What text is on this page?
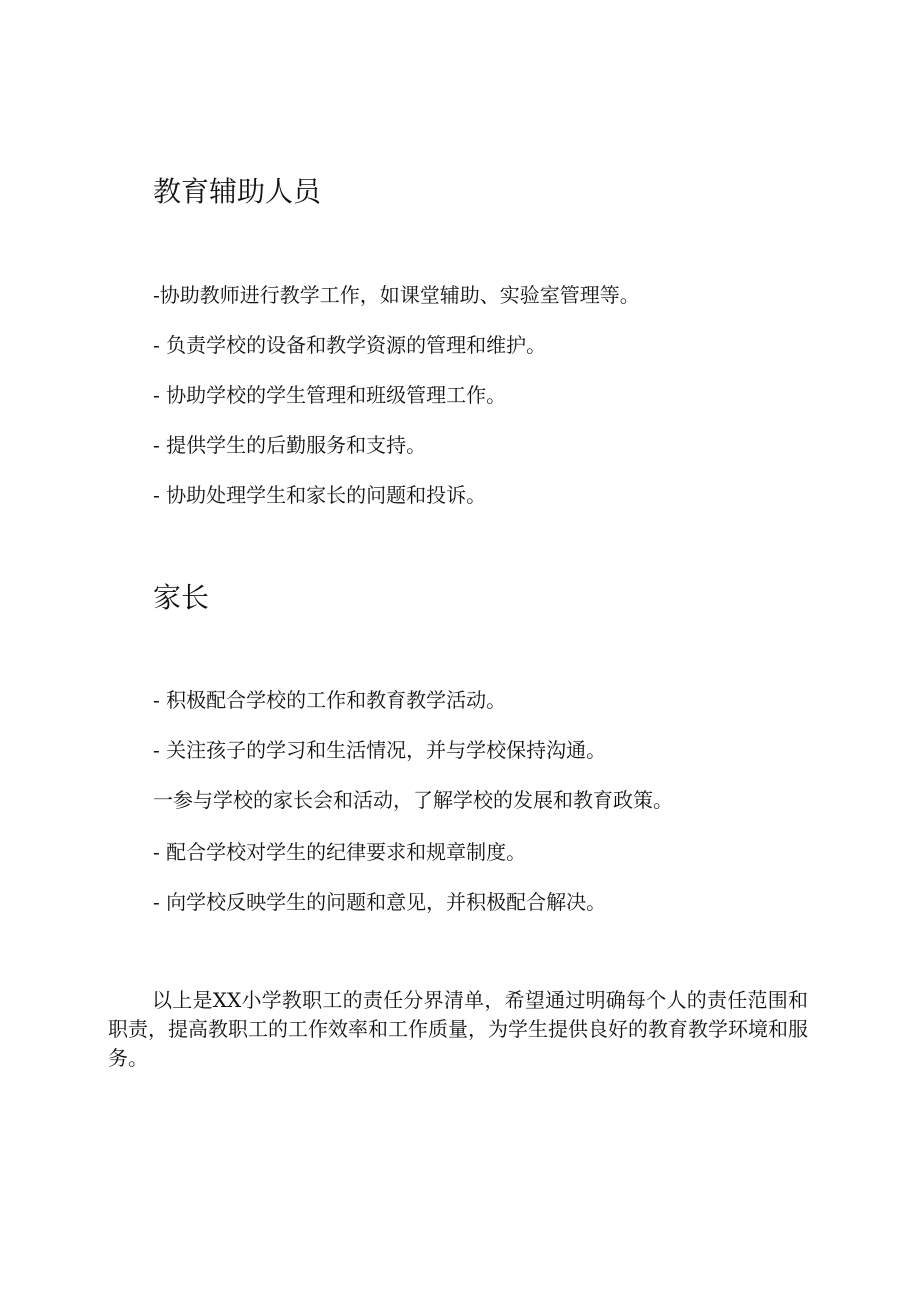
教育辅助人员

-协助教师进行教学工作，如课堂辅助、实验室管理等。

- 负责学校的设备和教学资源的管理和维护。

- 协助学校的学生管理和班级管理工作。

- 提供学生的后勤服务和支持。

- 协助处理学生和家长的问题和投诉。

家长

- 积极配合学校的工作和教育教学活动。

- 关注孩子的学习和生活情况，并与学校保持沟通。

一参与学校的家长会和活动，了解学校的发展和教育政策。

- 配合学校对学生的纪律要求和规章制度。

- 向学校反映学生的问题和意见，并积极配合解决。

以上是XX小学教职工的责任分界清单，希望通过明确每个人的责任范围和职责，提高教职工的工作效率和工作质量，为学生提供良好的教育教学环境和服务。
